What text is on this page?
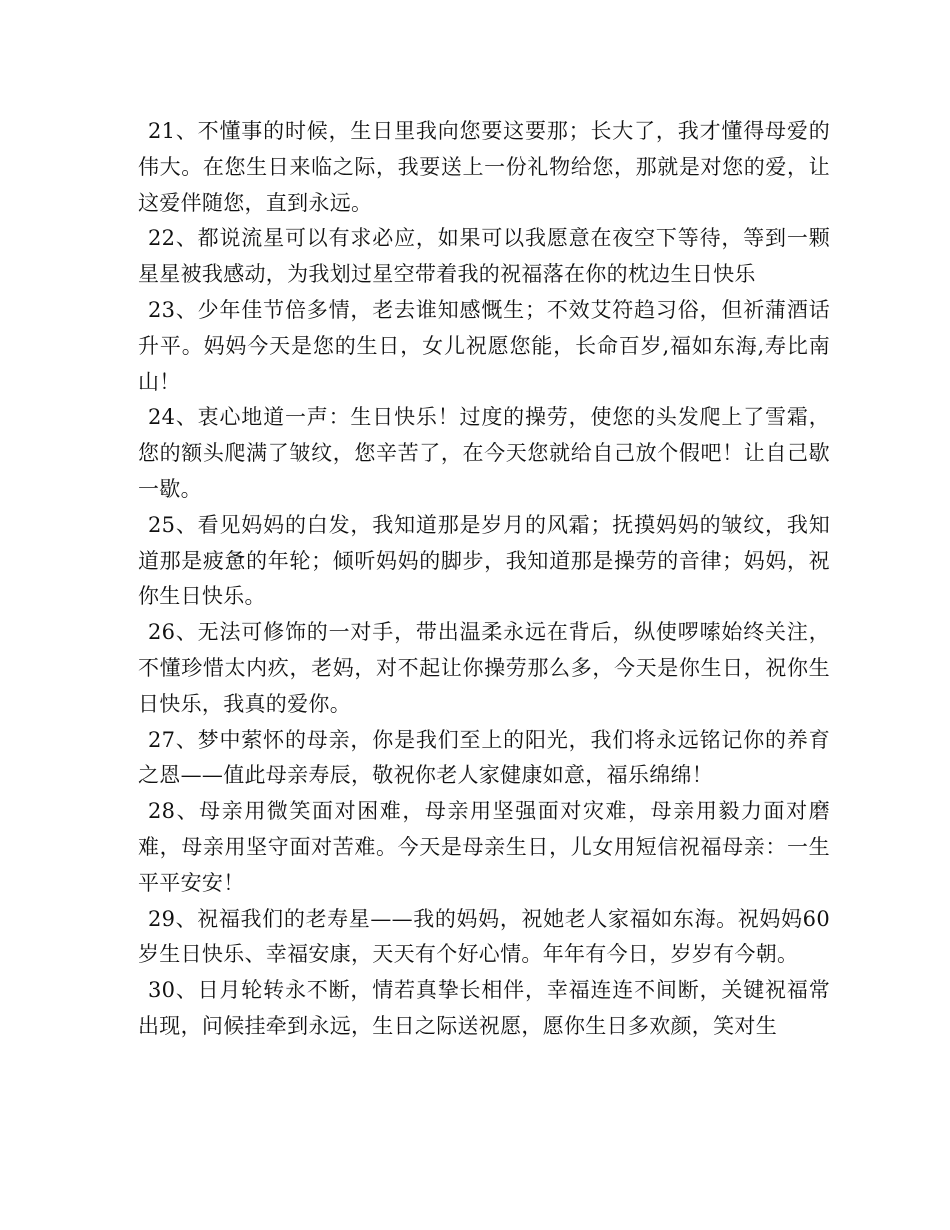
21、不懂事的时候，生日里我向您要这要那；长大了，我才懂得母爱的伟大。在您生日来临之际，我要送上一份礼物给您，那就是对您的爱，让这爱伴随您，直到永远。

22、都说流星可以有求必应，如果可以我愿意在夜空下等待，等到一颗星星被我感动，为我划过星空带着我的祝福落在你的枕边生日快乐

23、少年佳节倍多情，老去谁知感慨生；不效艾符趋习俗，但祈蒲酒话升平。妈妈今天是您的生日，女儿祝愿您能，长命百岁,福如东海,寿比南山！

24、衷心地道一声：生日快乐！过度的操劳，使您的头发爬上了雪霜，您的额头爬满了皱纹，您辛苦了，在今天您就给自己放个假吧！让自己歇一歇。

25、看见妈妈的白发，我知道那是岁月的风霜；抚摸妈妈的皱纹，我知道那是疲惫的年轮；倾听妈妈的脚步，我知道那是操劳的音律；妈妈，祝你生日快乐。

26、无法可修饰的一对手，带出温柔永远在背后，纵使啰嗦始终关注，不懂珍惜太内疚，老妈，对不起让你操劳那么多，今天是你生日，祝你生日快乐，我真的爱你。

27、梦中萦怀的母亲，你是我们至上的阳光，我们将永远铭记你的养育之恩——值此母亲寿辰，敬祝你老人家健康如意，福乐绵绵！

28、母亲用微笑面对困难，母亲用坚强面对灾难，母亲用毅力面对磨难，母亲用坚守面对苦难。今天是母亲生日，儿女用短信祝福母亲：一生平平安安！

29、祝福我们的老寿星——我的妈妈，祝她老人家福如东海。祝妈妈60岁生日快乐、幸福安康，天天有个好心情。年年有今日，岁岁有今朝。

30、日月轮转永不断，情若真挚长相伴，幸福连连不间断，关键祝福常出现，问候挂牵到永远，生日之际送祝愿，愿你生日多欢颜，笑对生
